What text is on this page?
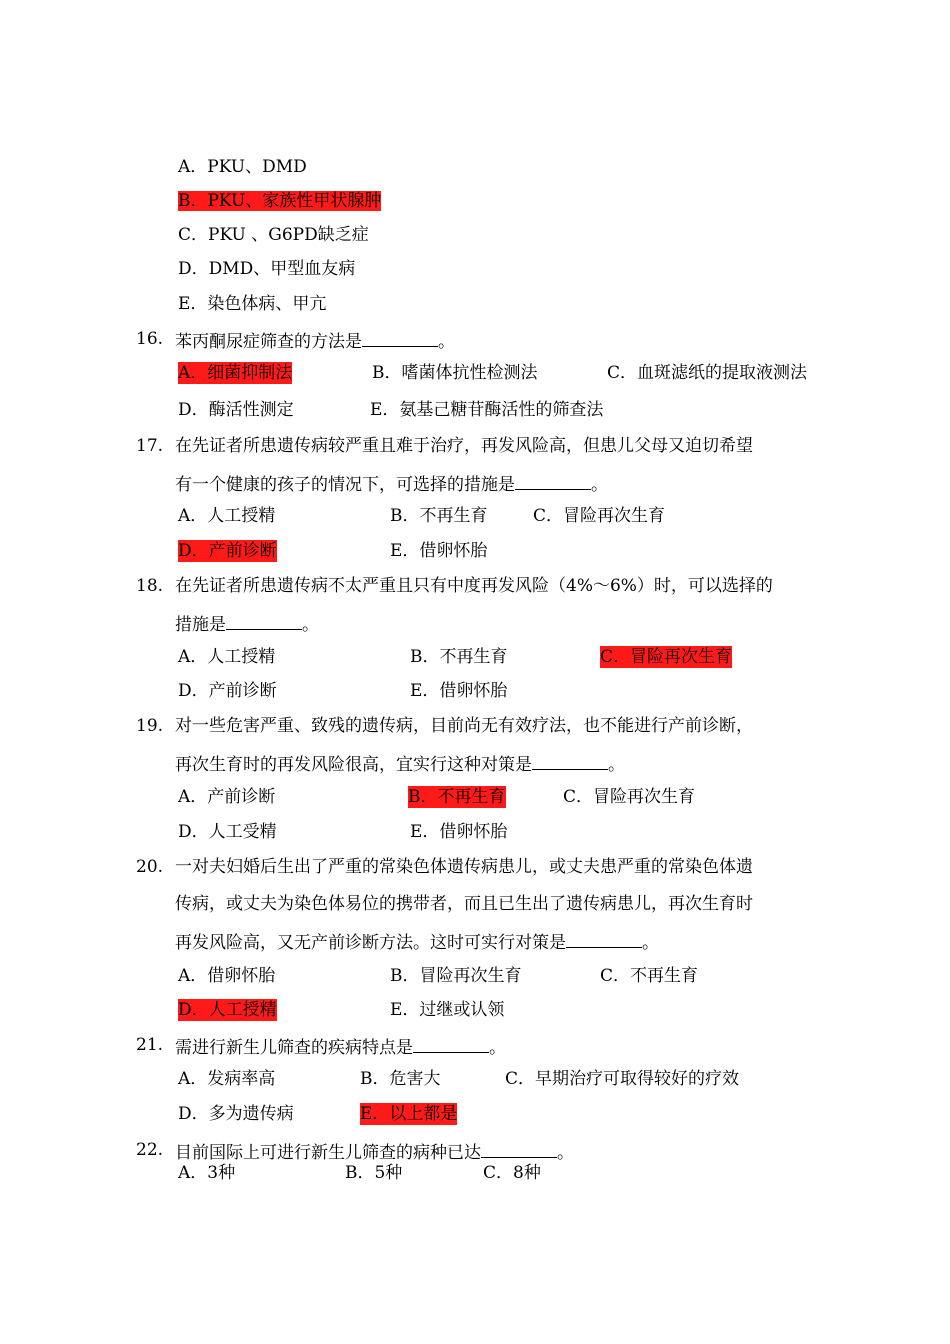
A．PKU、DMD
B．PKU、家族性甲状腺肿
C．PKU 、G6PD缺乏症
D．DMD、甲型血友病
E．染色体病、甲亢
16. 苯丙酮尿症筛查的方法是	。
A．细菌抑制法	B．嗜菌体抗性检测法	C．血斑滤纸的提取液测法
D．酶活性测定	E．氨基己糖苷酶活性的筛查法
17. 在先证者所患遗传病较严重且难于治疗，再发风险高，但患儿父母又迫切希望
有一个健康的孩子的情况下，可选择的措施是	。
A．人工授精	B．不再生育	C．冒险再次生育
D．产前诊断	E．借卵怀胎
18. 在先证者所患遗传病不太严重且只有中度再发风险（4%～6%）时，可以选择的
措施是	。
A．人工授精	B．不再生育	C．冒险再次生育
D．产前诊断	E．借卵怀胎
19. 对一些危害严重、致残的遗传病，目前尚无有效疗法，也不能进行产前诊断，
再次生育时的再发风险很高，宜实行这种对策是	。
A．产前诊断	B．不再生育	C．冒险再次生育
D．人工受精	E．借卵怀胎
20. 一对夫妇婚后生出了严重的常染色体遗传病患儿，或丈夫患严重的常染色体遗
传病，或丈夫为染色体易位的携带者，而且已生出了遗传病患儿，再次生育时
再发风险高，又无产前诊断方法。这时可实行对策是	。
A．借卵怀胎	B．冒险再次生育	C．不再生育
D．人工授精	E．过继或认领
21. 需进行新生儿筛查的疾病特点是	。
A．发病率高	B．危害大	C．早期治疗可取得较好的疗效
D．多为遗传病	E．以上都是
22. 目前国际上可进行新生儿筛查的病种已达	。
A．3种	B．5种	C．8种
